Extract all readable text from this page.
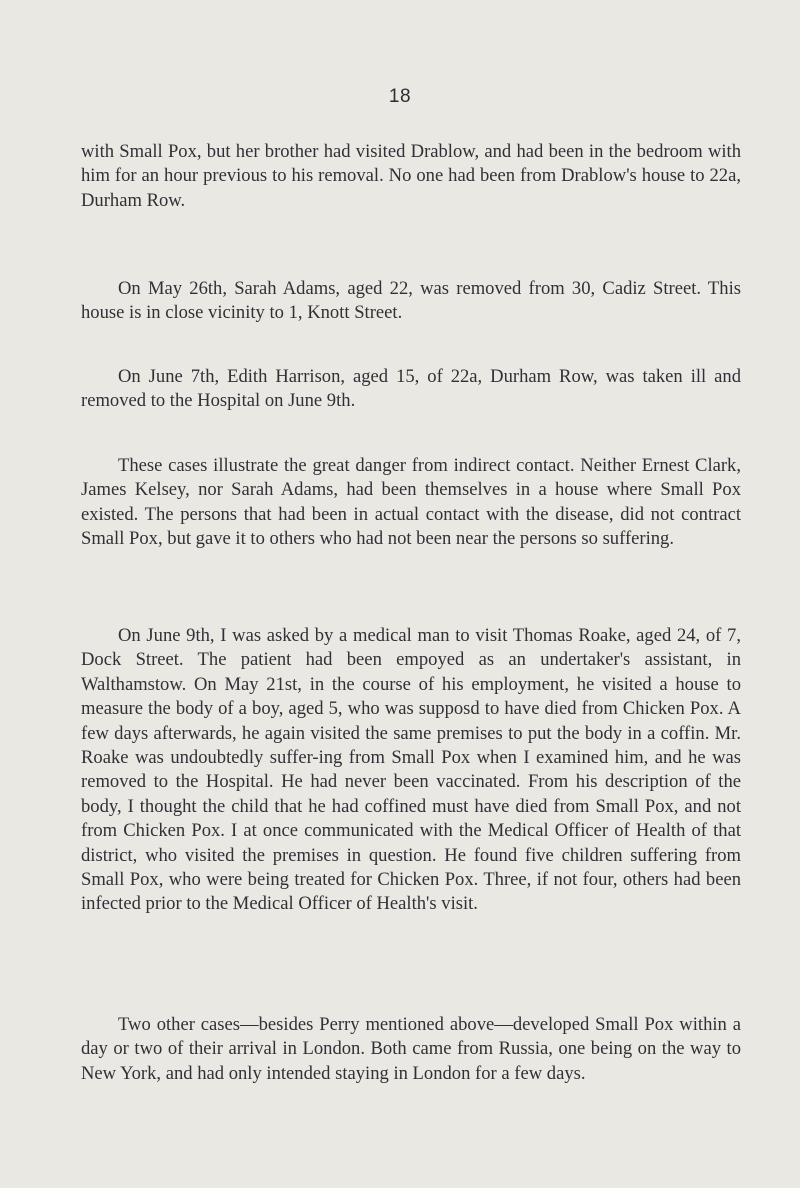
18

with Small Pox, but her brother had visited Drablow, and had been in the bedroom with him for an hour previous to his removal. No one had been from Drablow's house to 22a, Durham Row.

On May 26th, Sarah Adams, aged 22, was removed from 30, Cadiz Street. This house is in close vicinity to 1, Knott Street.

On June 7th, Edith Harrison, aged 15, of 22a, Durham Row, was taken ill and removed to the Hospital on June 9th.

These cases illustrate the great danger from indirect contact. Neither Ernest Clark, James Kelsey, nor Sarah Adams, had been themselves in a house where Small Pox existed. The persons that had been in actual contact with the disease, did not contract Small Pox, but gave it to others who had not been near the persons so suffering.

On June 9th, I was asked by a medical man to visit Thomas Roake, aged 24, of 7, Dock Street. The patient had been empoyed as an undertaker's assistant, in Walthamstow. On May 21st, in the course of his employment, he visited a house to measure the body of a boy, aged 5, who was supposd to have died from Chicken Pox. A few days afterwards, he again visited the same premises to put the body in a coffin. Mr. Roake was undoubtedly suffer-ing from Small Pox when I examined him, and he was removed to the Hospital. He had never been vaccinated. From his description of the body, I thought the child that he had coffined must have died from Small Pox, and not from Chicken Pox. I at once communicated with the Medical Officer of Health of that district, who visited the premises in question. He found five children suffering from Small Pox, who were being treated for Chicken Pox. Three, if not four, others had been infected prior to the Medical Officer of Health's visit.

Two other cases—besides Perry mentioned above—developed Small Pox within a day or two of their arrival in London. Both came from Russia, one being on the way to New York, and had only intended staying in London for a few days.
